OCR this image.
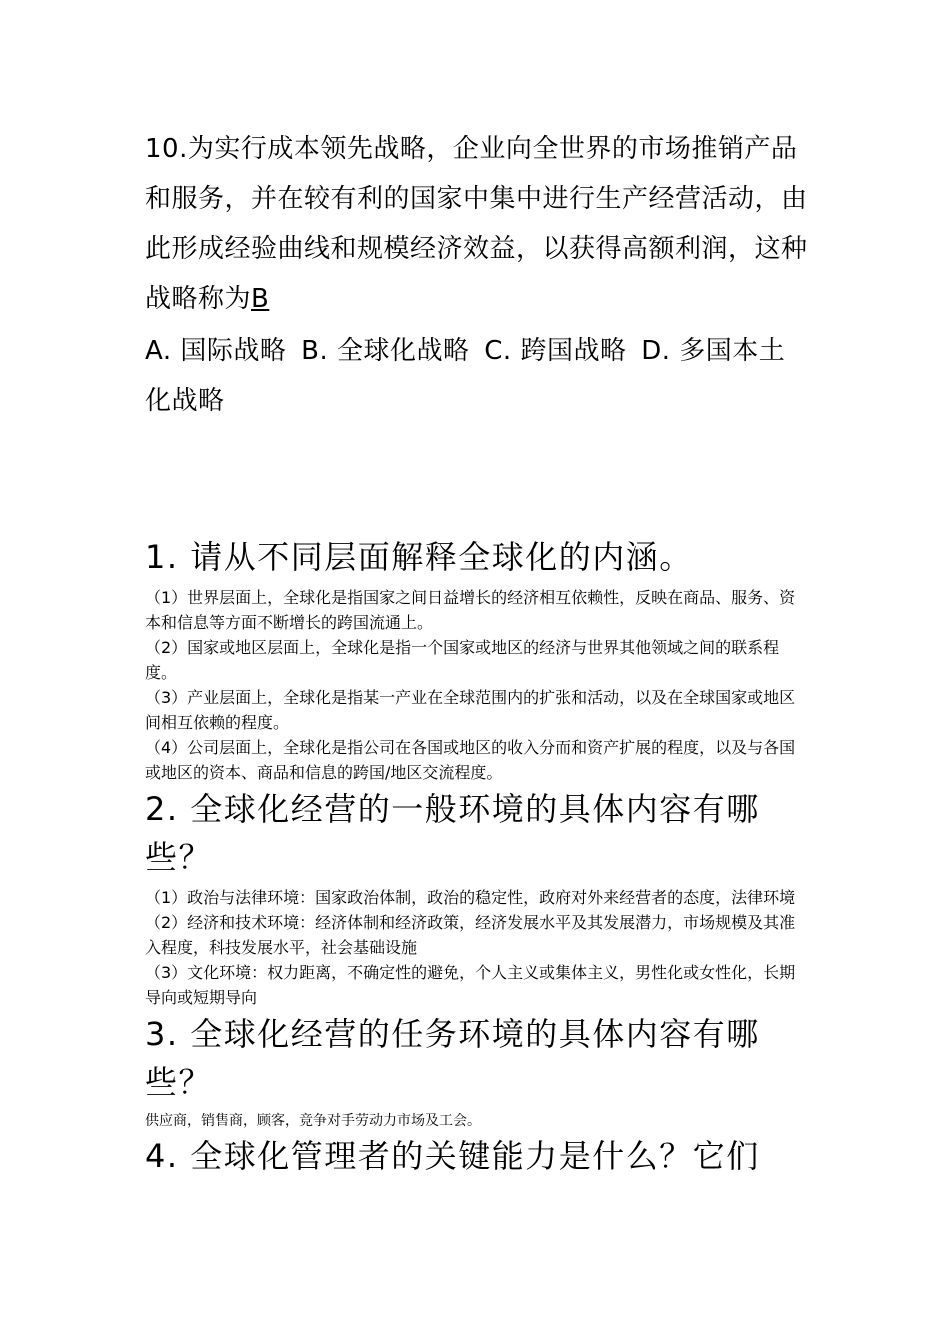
10.为实行成本领先战略，企业向全世界的市场推销产品和服务，并在较有利的国家中集中进行生产经营活动，由此形成经验曲线和规模经济效益，以获得高额利润，这种战略称为B

A. 国际战略 B. 全球化战略 C. 跨国战略 D. 多国本土化战略

1. 请从不同层面解释全球化的内涵。

（1）世界层面上，全球化是指国家之间日益增长的经济相互依赖性，反映在商品、服务、资本和信息等方面不断增长的跨国流通上。

（2）国家或地区层面上，全球化是指一个国家或地区的经济与世界其他领域之间的联系程度。

（3）产业层面上，全球化是指某一产业在全球范围内的扩张和活动，以及在全球国家或地区间相互依赖的程度。

（4）公司层面上，全球化是指公司在各国或地区的收入分而和资产扩展的程度，以及与各国或地区的资本、商品和信息的跨国/地区交流程度。

2. 全球化经营的一般环境的具体内容有哪些？

（1）政治与法律环境：国家政治体制，政治的稳定性，政府对外来经营者的态度，法律环境

（2）经济和技术环境：经济体制和经济政策，经济发展水平及其发展潜力，市场规模及其准入程度，科技发展水平，社会基础设施

（3）文化环境：权力距离，不确定性的避免，个人主义或集体主义，男性化或女性化，长期导向或短期导向

3. 全球化经营的任务环境的具体内容有哪些？

供应商，销售商，顾客，竞争对手劳动力市场及工会。

4. 全球化管理者的关键能力是什么？它们
